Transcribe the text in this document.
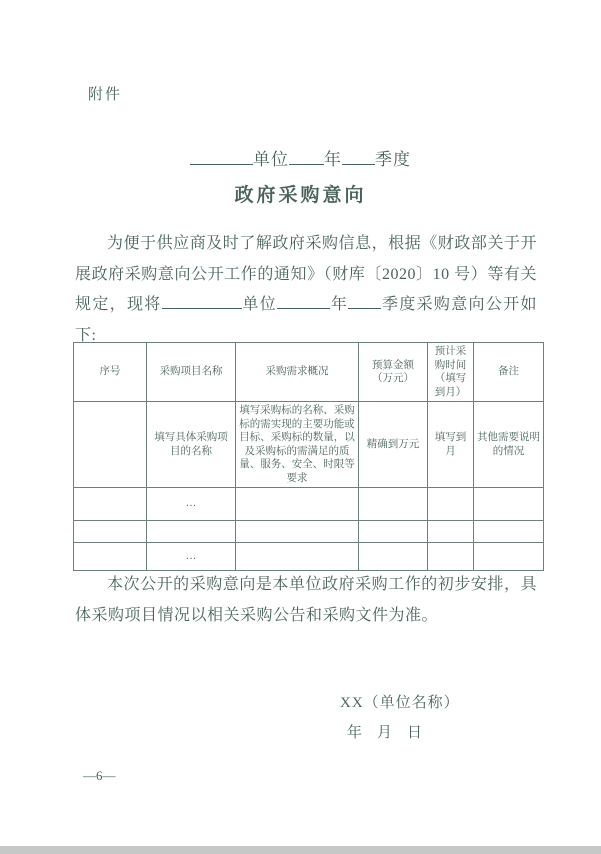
附件
单位 年 季度
政府采购意向
为便于供应商及时了解政府采购信息，根据《财政部关于开展政府采购意向公开工作的通知》（财库〔2020〕10 号）等有关规定，现将	单位	年 季度采购意向公开如下:
序号	采购项目名称	采购需求概况	预算金额（万元）	预计采购时间（填写到月）	备注
	填写具体采购项目的名称	填写采购标的名称、采购标的需实现的主要功能或目标、采购标的数量，以及采购标的需满足的质量、服务、安全、时限等要求	精确到万元	填写到月	其他需要说明的情况
	…				

	…				
本次公开的采购意向是本单位政府采购工作的初步安排，具体采购项目情况以相关采购公告和采购文件为准。
XX（单位名称）
年　月　日
—6—
